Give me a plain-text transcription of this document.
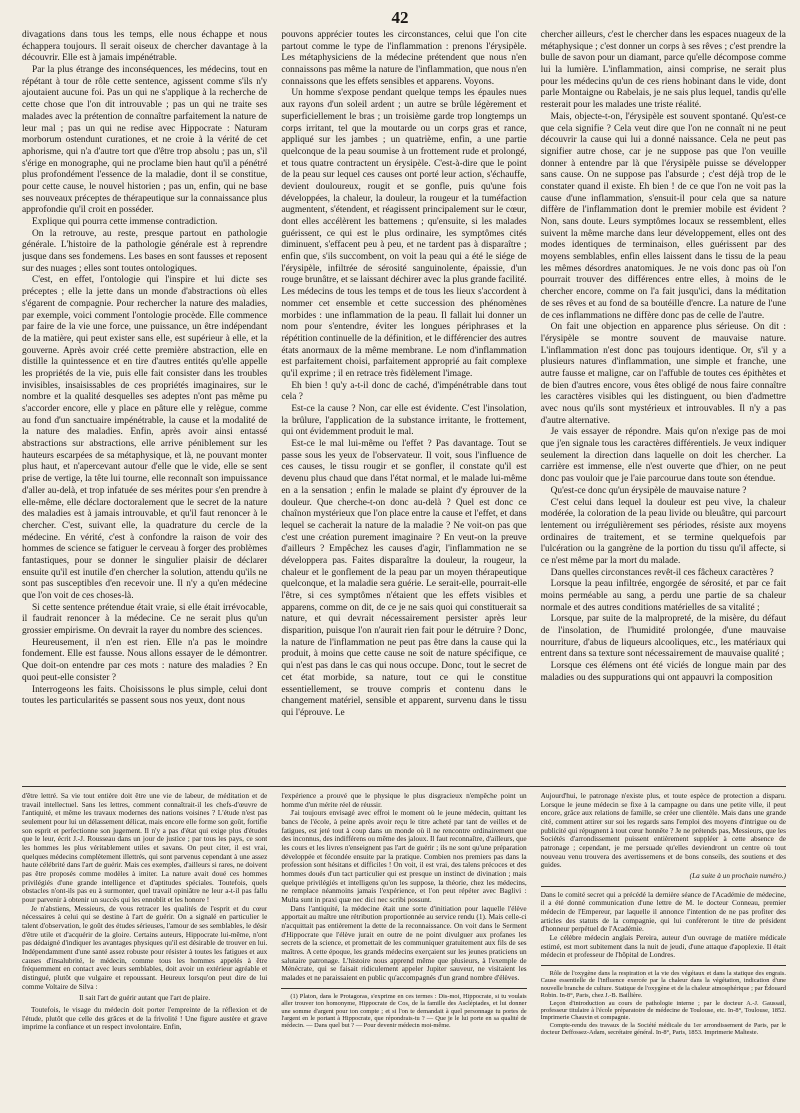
42

divagations dans tous les temps, elle nous échappe et nous échappera toujours. Il serait oiseux de chercher davantage à la découvrir. Elle est à jamais impénétrable.

Par la plus étrange des inconséquences, les médecins, tout en répétant à tour de rôle cette sentence, agissent comme s'ils n'y ajoutaient aucune foi. Pas un qui ne s'applique à la recherche de cette chose que l'on dit introuvable ; pas un qui ne traite ses malades avec la prétention de connaître parfaitement la nature de leur mal ; pas un qui ne redise avec Hippocrate : Naturam morborum ostendunt curationes, et ne croie à la vérité de cet aphorisme, qui n'a d'autre tort que d'être trop absolu ; pas un, s'il s'érige en monographe, qui ne proclame bien haut qu'il a pénétré plus profondément l'essence de la maladie, dont il se constitue, pour cette cause, le nouvel historien ; pas un, enfin, qui ne base ses nouveaux préceptes de thérapeutique sur la connaissance plus approfondie qu'il croit en posséder.

Explique qui pourra cette immense contradiction.

On la retrouve, au reste, presque partout en pathologie générale. L'histoire de la pathologie générale est à reprendre jusque dans ses fondemens. Les bases en sont fausses et reposent sur des nuages ; elles sont toutes ontologiques.

C'est, en effet, l'ontologie qui l'inspire et lui dicte ses préceptes ; elle la jette dans un monde d'abstractions où elles s'égarent de compagnie. Pour rechercher la nature des maladies, par exemple, voici comment l'ontologie procède. Elle commence par faire de la vie une force, une puissance, un être indépendant de la matière, qui peut exister sans elle, est supérieur à elle, et la gouverne. Après avoir créé cette première abstraction, elle en distille la quintessence et en tire d'autres entités qu'elle appelle les propriétés de la vie, puis elle fait consister dans les troubles invisibles, insaisissables de ces propriétés imaginaires, sur le nombre et la qualité desquelles ses adeptes n'ont pas même pu s'accorder encore, elle y place en pâture elle y relègue, comme au fond d'un sanctuaire impénétrable, la cause et la modalité de la nature des maladies. Enfin, après avoir ainsi entassé abstractions sur abstractions, elle arrive péniblement sur les hauteurs escarpées de sa métaphysique, et là, ne pouvant monter plus haut, et n'apercevant autour d'elle que le vide, elle se sent prise de vertige, la tête lui tourne, elle reconnaît son impuissance d'aller au-delà, et trop infatuée de ses mérites pour s'en prendre à elle-même, elle déclare doctoralement que le secret de la nature des maladies est à jamais introuvable, et qu'il faut renoncer à le chercher. C'est, suivant elle, la quadrature du cercle de la médecine. En vérité, c'est à confondre la raison de voir des hommes de science se fatiguer le cerveau à forger des problèmes fantastiques, pour se donner le singulier plaisir de déclarer ensuite qu'il est inutile d'en chercher la solution, attendu qu'ils ne sont pas susceptibles d'en recevoir une. Il n'y a qu'en médecine que l'on voit de ces choses-là.

Si cette sentence prétendue était vraie, si elle était irrévocable, il faudrait renoncer à la médecine. Ce ne serait plus qu'un grossier empirisme. On devrait la rayer du nombre des sciences.

Heureusement, il n'en est rien. Elle n'a pas le moindre fondement. Elle est fausse. Nous allons essayer de le démontrer. Que doit-on entendre par ces mots : nature des maladies ? En quoi peut-elle consister ?

Interrogeons les faits. Choisissons le plus simple, celui dont toutes les particularités se passent sous nos yeux, dont nous

pouvons apprécier toutes les circonstances, celui que l'on cite partout comme le type de l'inflammation : prenons l'érysipèle. Les métaphysiciens de la médecine prétendent que nous n'en connaissons pas même la nature de l'inflammation, que nous n'en connaissons que les effets sensibles et apparens. Voyons.

Un homme s'expose pendant quelque temps les épaules nues aux rayons d'un soleil ardent ; un autre se brûle légèrement et superficiellement le bras ; un troisième garde trop longtemps un corps irritant, tel que la moutarde ou un corps gras et rance, appliqué sur les jambes ; un quatrième, enfin, a une partie quelconque de la peau soumise à un frottement rude et prolongé, et tous quatre contractent un érysipèle. C'est-à-dire que le point de la peau sur lequel ces causes ont porté leur action, s'échauffe, devient douloureux, rougit et se gonfle, puis qu'une fois développées, la chaleur, la douleur, la rougeur et la tuméfaction augmentent, s'étendent, et réagissent principalement sur le cœur, dont elles accélèrent les battemens ; qu'ensuite, si les malades guérissent, ce qui est le plus ordinaire, les symptômes cités diminuent, s'effacent peu à peu, et ne tardent pas à disparaître ; enfin que, s'ils succombent, on voit la peau qui a été le siége de l'érysipèle, infiltrée de sérosité sanguinolente, épaissie, d'un rouge brunâtre, et se laissant déchirer avec la plus grande facilité. Les médecins de tous les temps et de tous les lieux s'accordent à nommer cet ensemble et cette succession des phénomènes morbides : une inflammation de la peau. Il fallait lui donner un nom pour s'entendre, éviter les longues périphrases et la répétition continuelle de la définition, et le différencier des autres états anormaux de la même membrane. Le nom d'inflammation est parfaitement choisi, parfaitement approprié au fait complexe qu'il exprime ; il en retrace très fidèlement l'image.

Eh bien ! qu'y a-t-il donc de caché, d'impénétrable dans tout cela ?

Est-ce la cause ? Non, car elle est évidente. C'est l'insolation, la brûlure, l'application de la substance irritante, le frottement, qui ont évidemment produit le mal.

Est-ce le mal lui-même ou l'effet ? Pas davantage. Tout se passe sous les yeux de l'observateur. Il voit, sous l'influence de ces causes, le tissu rougir et se gonfler, il constate qu'il est devenu plus chaud que dans l'état normal, et le malade lui-même en a la sensation ; enfin le malade se plaint d'y éprouver de la douleur. Que cherche-t-on donc au-delà ? Quel est donc ce chaînon mystérieux que l'on place entre la cause et l'effet, et dans lequel se cacherait la nature de la maladie ? Ne voit-on pas que c'est une création purement imaginaire ? En veut-on la preuve d'ailleurs ? Empêchez les causes d'agir, l'inflammation ne se développera pas. Faites disparaître la douleur, la rougeur, la chaleur et le gonflement de la peau par un moyen thérapeutique quelconque, et la maladie sera guérie. Le serait-elle, pourrait-elle l'être, si ces symptômes n'étaient que les effets visibles et apparens, comme on dit, de ce je ne sais quoi qui constituerait sa nature, et qui devrait nécessairement persister après leur disparition, puisque l'on n'aurait rien fait pour le détruire ? Donc, la nature de l'inflammation ne peut pas être dans la cause qui la produit, à moins que cette cause ne soit de nature spécifique, ce qui n'est pas dans le cas qui nous occupe. Donc, tout le secret de cet état morbide, sa nature, tout ce qui le constitue essentiellement, se trouve compris et contenu dans le changement matériel, sensible et apparent, survenu dans le tissu qui l'éprouve. Le

chercher ailleurs, c'est le chercher dans les espaces nuageux de la métaphysique ; c'est donner un corps à ses rêves ; c'est prendre la bulle de savon pour un diamant, parce qu'elle décompose comme lui la lumière. L'inflammation, ainsi comprise, ne serait plus pour les médecins qu'un de ces riens hobinant dans le vide, dont parle Montaigne ou Rabelais, je ne sais plus lequel, tandis qu'elle resterait pour les malades une triste réalité.

Mais, objecte-t-on, l'érysipèle est souvent spontané. Qu'est-ce que cela signifie ? Cela veut dire que l'on ne connaît ni ne peut découvrir la cause qui lui a donné naissance. Cela ne peut pas signifier autre chose, car je ne suppose pas que l'on veuille donner à entendre par là que l'érysipèle puisse se développer sans cause. On ne suppose pas l'absurde ; c'est déjà trop de le constater quand il existe. Eh bien ! de ce que l'on ne voit pas la cause d'une inflammation, s'ensuit-il pour cela que sa nature diffère de l'inflammation dont le premier mobile est évident ? Non, sans doute. Leurs symptômes locaux se ressemblent, elles suivent la même marche dans leur développement, elles ont des modes identiques de terminaison, elles guérissent par des moyens semblables, enfin elles laissent dans le tissu de la peau les mêmes désordres anatomiques. Je ne vois donc pas où l'on pourrait trouver des différences entre elles, à moins de le chercher encore, comme on l'a fait jusqu'ici, dans la méditation de ses rêves et au fond de sa boutéille d'encre. La nature de l'une de ces inflammations ne diffère donc pas de celle de l'autre.

On fait une objection en apparence plus sérieuse. On dit : l'érysipèle se montre souvent de mauvaise nature. L'inflammation n'est donc pas toujours identique. Or, s'il y a plusieurs natures d'inflammation, une simple et franche, une autre fausse et maligne, car on l'affuble de toutes ces épithètes et de bien d'autres encore, vous êtes obligé de nous faire connaître les caractères visibles qui les distinguent, ou bien d'admettre avec nous qu'ils sont mystérieux et introuvables. Il n'y a pas d'autre alternative.

Je vais essayer de répondre. Mais qu'on n'exige pas de moi que j'en signale tous les caractères différentiels. Je veux indiquer seulement la direction dans laquelle on doit les chercher. La carrière est immense, elle n'est ouverte que d'hier, on ne peut donc pas vouloir que je l'aie parcourue dans toute son étendue.

Qu'est-ce donc qu'un érysipèle de mauvaise nature ?

C'est celui dans lequel la douleur est peu vive, la chaleur modérée, la coloration de la peau livide ou bleuâtre, qui parcourt lentement ou irrégulièrement ses périodes, résiste aux moyens ordinaires de traitement, et se termine quelquefois par l'ulcération ou la gangrène de la portion du tissu qu'il affecte, si ce n'est même par la mort du malade.

Dans quelles circonstances revêt-il ces fâcheux caractères ?

Lorsque la peau infiltrée, engorgée de sérosité, et par ce fait moins perméable au sang, a perdu une partie de sa chaleur normale et des autres conditions matérielles de sa vitalité ;

Lorsque, par suite de la malpropreté, de la misère, du défaut de l'insolation, de l'humidité prolongée, d'une mauvaise nourriture, d'abus de liqueurs alcooliques, etc., les matériaux qui entrent dans sa texture sont nécessairement de mauvaise qualité ;

Lorsque ces élémens ont été viciés de longue main par des maladies ou des suppurations qui ont appauvri la composition

d'être lettré. Sa vie tout entière doit être une vie de labeur, de méditation et de travail intellectuel. Sans les lettres, comment connaîtrait-il les chefs-d'œuvre de l'antiquité, et même les travaux modernes des nations voisines ? L'étude n'est pas seulement pour lui un délassement délicat, mais encore elle forme son goût, fortifie son esprit et perfectionne son jugement. Il n'y a pas d'état qui exige plus d'études que le leur, écrit J.-J. Rousseau dans un jour de justice ; par tous les pays, ce sont les hommes les plus véritablement utiles et savans. On peut citer, il est vrai, quelques médecins complètement illettrés, qui sont parvenus cependant à une assez haute célébrité dans l'art de guérir. Mais ces exemples, d'ailleurs si rares, ne doivent pas être proposés comme modèles à imiter. La nature avait doué ces hommes privilégiés d'une grande intelligence et d'aptitudes spéciales. Toutefois, quels obstacles n'ont-ils pas eu à surmonter, quel travail opiniâtre ne leur a-t-il pas fallu pour parvenir à obtenir un succès qui les ennoblit et les honore !

Je n'abstiens, Messieurs, de vous retracer les qualités de l'esprit et du cœur nécessaires à celui qui se destine à l'art de guérir. On a signalé en particulier le talent d'observation, le goût des études sérieuses, l'amour de ses semblables, le désir d'être utile et d'acquérir de la gloire. Certains auteurs, Hippocrate lui-même, n'ont pas dédaigné d'indiquer les avantages physiques qu'il est désirable de trouver en lui. Indépendamment d'une santé assez robuste pour résister à toutes les fatigues et aux causes d'insalubrité, le médecin, comme tous les hommes appelés à être fréquemment en contact avec leurs semblables, doit avoir un extérieur agréable et distingué, plutôt que vulgaire et repoussant. Heureux lorsqu'on peut dire de lui comme Voltaire de Silva :

Il sait l'art de guérir autant que l'art de plaire.

Toutefois, le visage du médecin doit porter l'empreinte de la réflexion et de l'étude, plutôt que celle des grâces et de la frivolité ! Une figure austère et grave imprime la confiance et un respect involontaire. Enfin,

l'expérience a prouvé que le physique le plus disgracieux n'empêche point un homme d'un mérite réel de réussir.

J'ai toujours envisagé avec effroi le moment où le jeune médecin, quittant les bancs de l'école, à peine après avoir reçu le titre acheté par tant de veilles et de fatigues, est jeté tout à coup dans un monde où il ne rencontre ordinairement que des inconnus, des indifférens ou même des jaloux. Il faut reconnaître, d'ailleurs, que les cours et les livres n'enseignent pas l'art de guérir ; ils ne sont qu'une préparation développée et fécondée ensuite par la pratique. Combien nos premiers pas dans la profession sont hésitans et difficiles ! On voit, il est vrai, des talens précoces et des hommes doués d'un tact particulier qui est presque un instinct de divination ; mais quelque privilégiés et intelligens qu'on les suppose, la théorie, chez les médecins, ne remplace néanmoins jamais l'expérience, et l'on peut répéter avec Baglivi : Multa sunt in praxi quæ nec dici nec scribi possunt.

Dans l'antiquité, la médecine était une sorte d'initiation pour laquelle l'élève apportait au maître une rétribution proportionnée au service rendu (1). Mais celle-ci n'acquittait pas entièrement la dette de la reconnaissance. On voit dans le Serment d'Hippocrate que l'élève jurait en outre de ne point divulguer aux profanes les secrets de la science, et promettait de les communiquer gratuitement aux fils de ses maîtres. A cette époque, les grands médecins exerçaient sur les jeunes praticiens un salutaire patronage. L'histoire nous apprend même que plusieurs, à l'exemple de Ménécrate, qui se faisait ridiculement appeler Jupiter sauveur, ne visitaient les malades et ne paraissaient en public qu'accompagnés d'un grand nombre d'élèves.

(1) Platon, dans le Protagoras, s'exprime en ces termes : Dis-moi, Hippocrate, si tu voulais aller trouver ton homonyme, Hippocrate de Cos, de la famille des Asclépiades, et lui donner une somme d'argent pour ton compte ; et si l'on te demandait à quel personnage tu portes de l'argent en le portant à Hippocrate, que répondrais-tu ? — Que je le lui porte en sa qualité de médecin. — Dans quel but ? — Pour devenir médecin moi-même.

Aujourd'hui, le patronage n'existe plus, et toute espèce de protection a disparu. Lorsque le jeune médecin se fixe à la campagne ou dans une petite ville, il peut encore, grâce aux relations de famille, se créer une clientèle. Mais dans une grande cité, comment attirer sur soi les regards sans l'emploi des moyens d'intrigue ou de publicité qui répugnent à tout cœur honnête ? Je ne prétends pas, Messieurs, que les Sociétés d'arrondissement puissent entièrement suppléer à cette absence de patronage ; cependant, je me persuade qu'elles deviendront un centre où tout nouveau venu trouvera des avertissemens et de bons conseils, des soutiens et des guides.

(La suite à un prochain numéro.)

Dans le comité secret qui a précédé la dernière séance de l'Académie de médecine, il a été donné communication d'une lettre de M. le docteur Conneau, premier médecin de l'Empereur, par laquelle il annonce l'intention de ne pas profiter des articles des statuts de la compagnie, qui lui conféreront le titre de président d'honneur perpétuel de l'Académie.

Le célèbre médecin anglais Pereira, auteur d'un ouvrage de matière médicale estimé, est mort subitement dans la nuit de jeudi, d'une attaque d'apoplexie. Il était médecin et professeur de l'hôpital de Londres.

Rôle de l'oxygène dans la respiration et la vie des végétaux et dans la statique des engrais. Cause essentielle de l'influence exercée par la chaleur dans la végétation, indication d'une nouvelle branche de culture. Statique de l'oxygène et de la chaleur atmosphérique ; par Édouard Robin. In-8°, Paris, chez J.-B. Baillière.

Leçon d'introduction au cours de pathologie interne ; par le docteur A.-J. Gaussail, professeur titulaire à l'école préparatoire de médecine de Toulouse, etc. In-8°, Toulouse, 1852. Imprimerie Chauvin et compagnie.

Compte-rendu des travaux de la Société médicale du 1er arrondissement de Paris, par le docteur Deffossez-Adam, secrétaire général. In-8°, Paris, 1853. Imprimerie Malteste.
